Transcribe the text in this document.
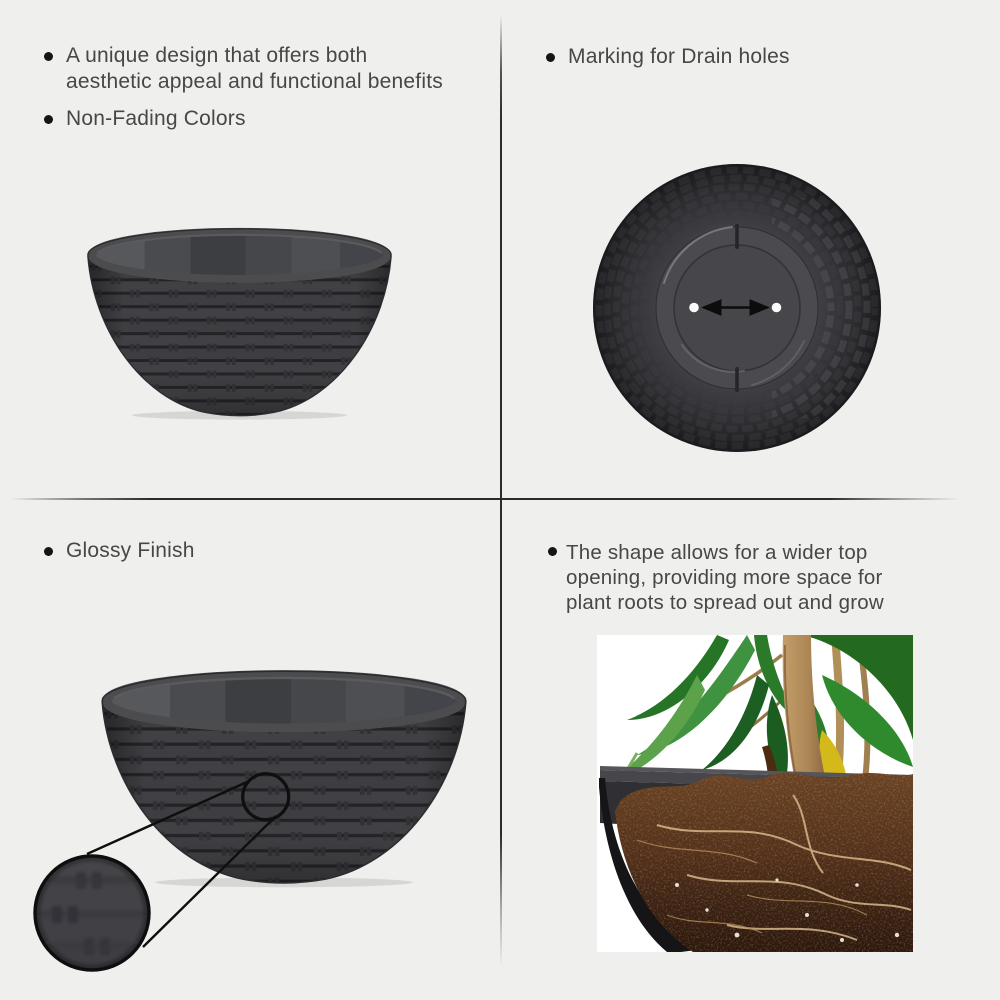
A unique design that offers both
aesthetic appeal and functional benefits
Non-Fading Colors
Marking for Drain holes
Glossy Finish	The shape allows for a wider top
opening, providing more space for
plant roots to spread out and grow
